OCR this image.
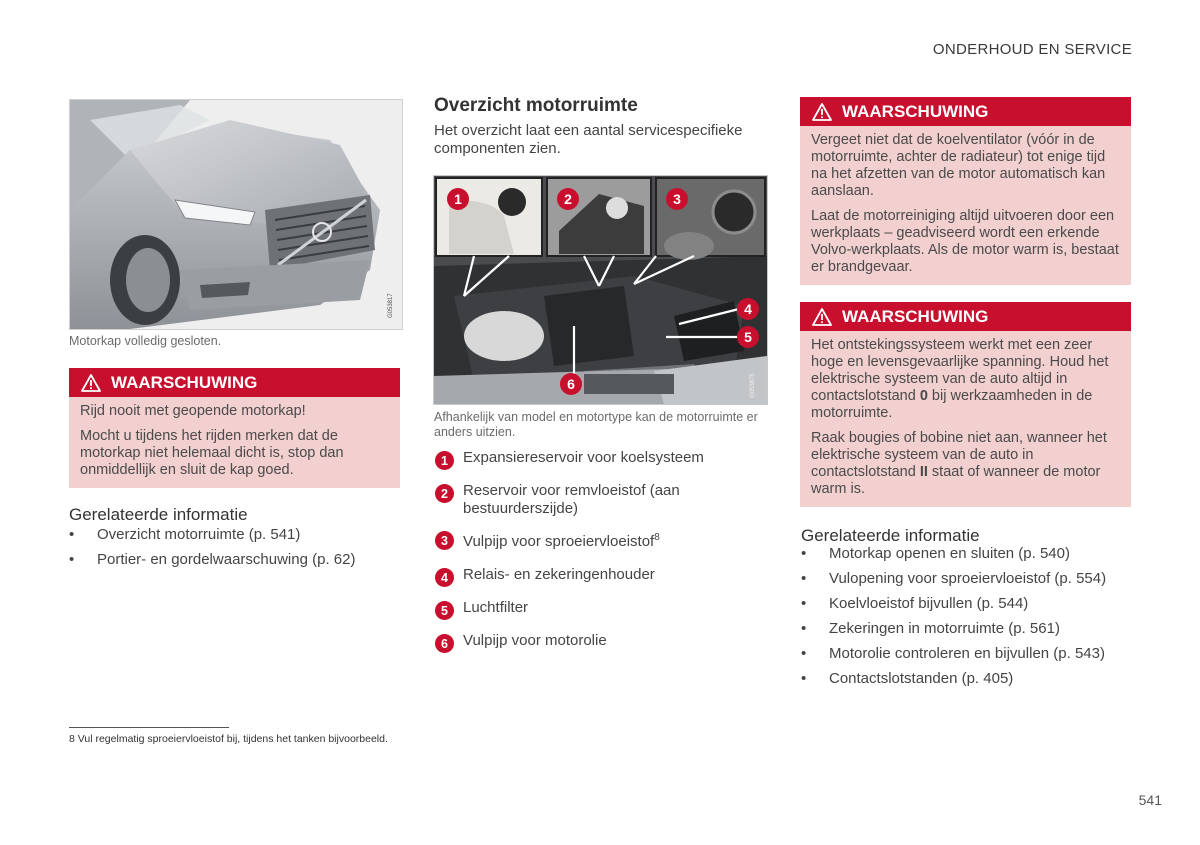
ONDERHOUD EN SERVICE
G053817
Motorkap volledig gesloten.
WAARSCHUWING

Rijd nooit met geopende motorkap!

Mocht u tijdens het rijden merken dat de motorkap niet helemaal dicht is, stop dan onmiddellijk en sluit de kap goed.

Gerelateerde informatie
• Overzicht motorruimte (p. 541)
• Portier- en gordelwaarschuwing (p. 62)
Overzicht motorruimte
Het overzicht laat een aantal servicespecifieke componenten zien.
1	2	3
4
5
6	G053875
Afhankelijk van model en motortype kan de motorruimte er anders uitzien.
1	Expansiereservoir voor koelsysteem
2	Reservoir voor remvloeistof (aan bestuurderszijde)
3	Vulpijp voor sproeiervloeistof$^8$
4	Relais- en zekeringenhouder
5	Luchtfilter
6	Vulpijp voor motorolie
WAARSCHUWING

Vergeet niet dat de koelventilator (vóór in de motorruimte, achter de radiateur) tot enige tijd na het afzetten van de motor automatisch kan aanslaan.

Laat de motorreiniging altijd uitvoeren door een werkplaats – geadviseerd wordt een erkende Volvo-werkplaats. Als de motor warm is, bestaat er brandgevaar.

WAARSCHUWING

Het ontstekingssysteem werkt met een zeer hoge en levensgevaarlijke spanning. Houd het elektrische systeem van de auto altijd in contactslotstand 0 bij werkzaamheden in de motorruimte.

Raak bougies of bobine niet aan, wanneer het elektrische systeem van de auto in contactslotstand II staat of wanneer de motor warm is.

Gerelateerde informatie
• Motorkap openen en sluiten (p. 540)
• Vulopening voor sproeiervloeistof (p. 554)
• Koelvloeistof bijvullen (p. 544)
• Zekeringen in motorruimte (p. 561)
• Motorolie controleren en bijvullen (p. 543)
• Contactslotstanden (p. 405)
8 Vul regelmatig sproeiervloeistof bij, tijdens het tanken bijvoorbeeld.
541
